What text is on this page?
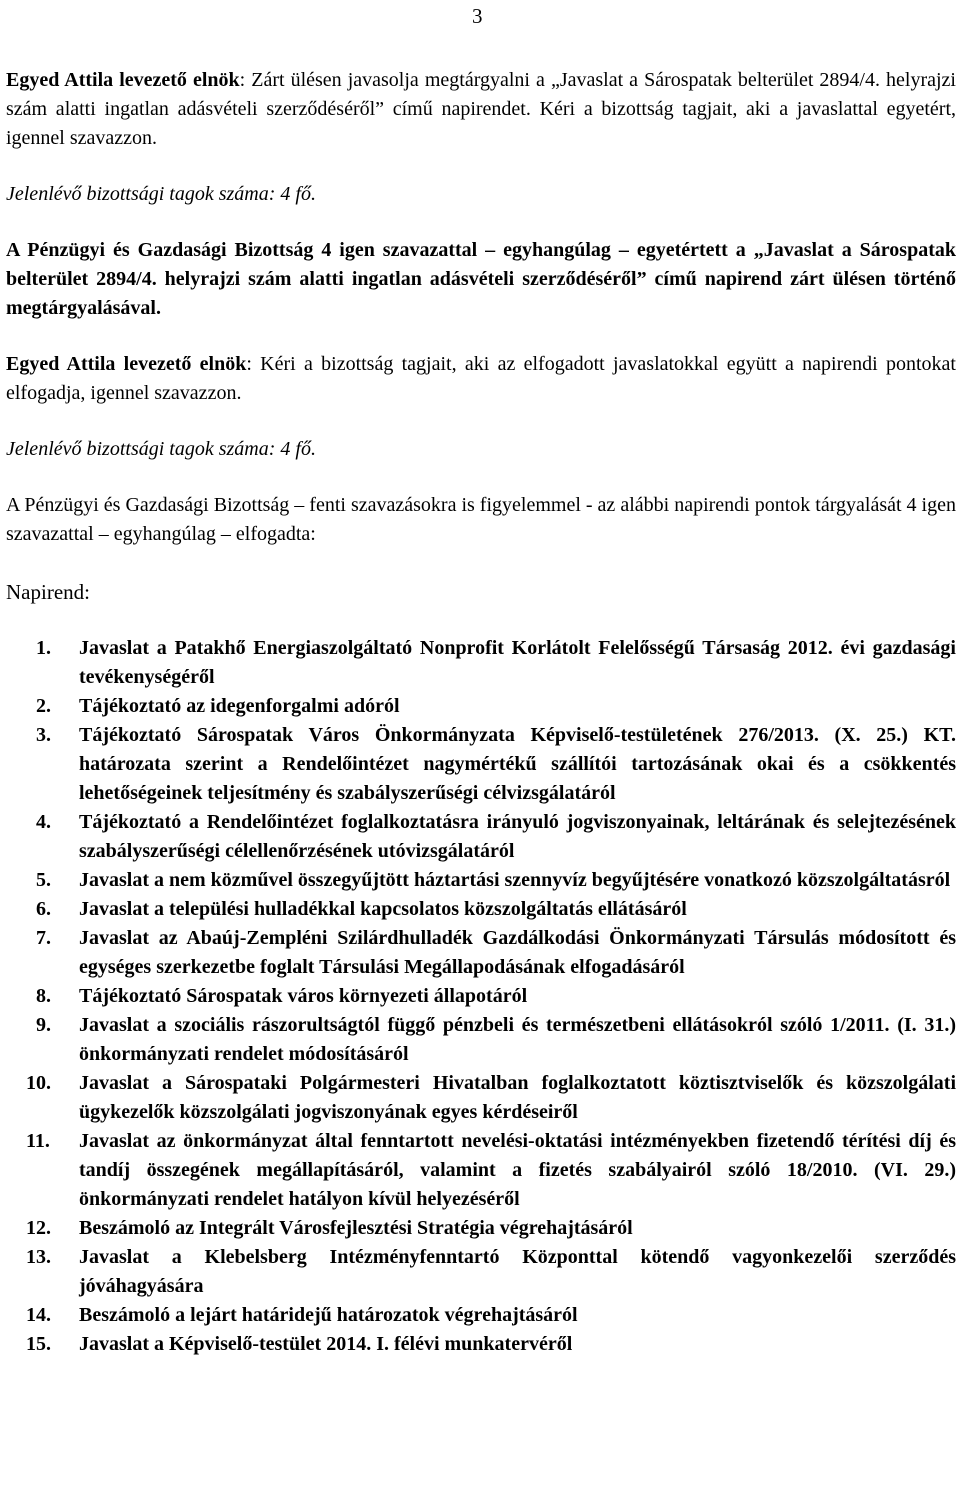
3

Egyed Attila levezető elnök: Zárt ülésen javasolja megtárgyalni a „Javaslat a Sárospatak belterület 2894/4. helyrajzi szám alatti ingatlan adásvételi szerződéséről” című napirendet. Kéri a bizottság tagjait, aki a javaslattal egyetért, igennel szavazzon.

Jelenlévő bizottsági tagok száma: 4 fő.

A Pénzügyi és Gazdasági Bizottság 4 igen szavazattal – egyhangúlag – egyetértett a „Javaslat a Sárospatak belterület 2894/4. helyrajzi szám alatti ingatlan adásvételi szerződéséről” című napirend zárt ülésen történő megtárgyalásával.

Egyed Attila levezető elnök: Kéri a bizottság tagjait, aki az elfogadott javaslatokkal együtt a napirendi pontokat elfogadja, igennel szavazzon.

Jelenlévő bizottsági tagok száma: 4 fő.

A Pénzügyi és Gazdasági Bizottság – fenti szavazásokra is figyelemmel - az alábbi napirendi pontok tárgyalását 4 igen szavazattal – egyhangúlag – elfogadta:

Napirend:

1. Javaslat a Patakhő Energiaszolgáltató Nonprofit Korlátolt Felelősségű Társaság 2012. évi gazdasági tevékenységéről
2. Tájékoztató az idegenforgalmi adóról
3. Tájékoztató Sárospatak Város Önkormányzata Képviselő-testületének 276/2013. (X. 25.) KT. határozata szerint a Rendelőintézet nagymértékű szállítói tartozásának okai és a csökkentés lehetőségeinek teljesítmény és szabályszerűségi célvizsgálatáról
4. Tájékoztató a Rendelőintézet foglalkoztatásra irányuló jogviszonyainak, leltárának és selejtezésének szabályszerűségi célellenőrzésének utóvizsgálatáról
5. Javaslat a nem közművel összegyűjtött háztartási szennyvíz begyűjtésére vonatkozó közszolgáltatásról
6. Javaslat a települési hulladékkal kapcsolatos közszolgáltatás ellátásáról
7. Javaslat az Abaúj-Zempléni Szilárdhulladék Gazdálkodási Önkormányzati Társulás módosított és egységes szerkezetbe foglalt Társulási Megállapodásának elfogadásáról
8. Tájékoztató Sárospatak város környezeti állapotáról
9. Javaslat a szociális rászorultságtól függő pénzbeli és természetbeni ellátásokról szóló 1/2011. (I. 31.) önkormányzati rendelet módosításáról
10. Javaslat a Sárospataki Polgármesteri Hivatalban foglalkoztatott köztisztviselők és közszolgálati ügykezelők közszolgálati jogviszonyának egyes kérdéseiről
11. Javaslat az önkormányzat által fenntartott nevelési-oktatási intézményekben fizetendő térítési díj és tandíj összegének megállapításáról, valamint a fizetés szabályairól szóló 18/2010. (VI. 29.) önkormányzati rendelet hatályon kívül helyezéséről
12. Beszámoló az Integrált Városfejlesztési Stratégia végrehajtásáról
13. Javaslat a Klebelsberg Intézményfenntartó Központtal kötendő vagyonkezelői szerződés jóváhagyására
14. Beszámoló a lejárt határidejű határozatok végrehajtásáról
15. Javaslat a Képviselő-testület 2014. I. félévi munkatervéről
